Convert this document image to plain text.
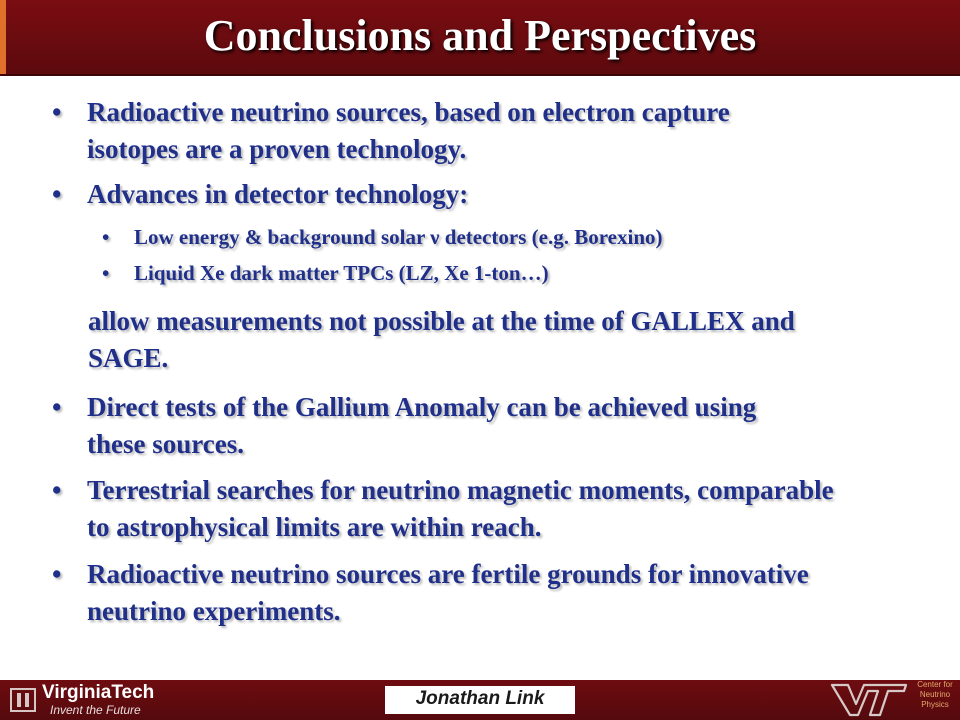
Conclusions and Perspectives
• Radioactive neutrino sources, based on electron capture
isotopes are a proven technology.
• Advances in detector technology:
• Low energy & background solar ν detectors (e.g. Borexino)
• Liquid Xe dark matter TPCs (LZ, Xe 1-ton…)
allow measurements not possible at the time of GALLEX and
SAGE.
• Direct tests of the Gallium Anomaly can be achieved using
these sources.
• Terrestrial searches for neutrino magnetic moments, comparable
to astrophysical limits are within reach.
• Radioactive neutrino sources are fertile grounds for innovative
neutrino experiments.
VirginiaTech
Invent the Future
Jonathan Link
Center for
Neutrino
Physics
